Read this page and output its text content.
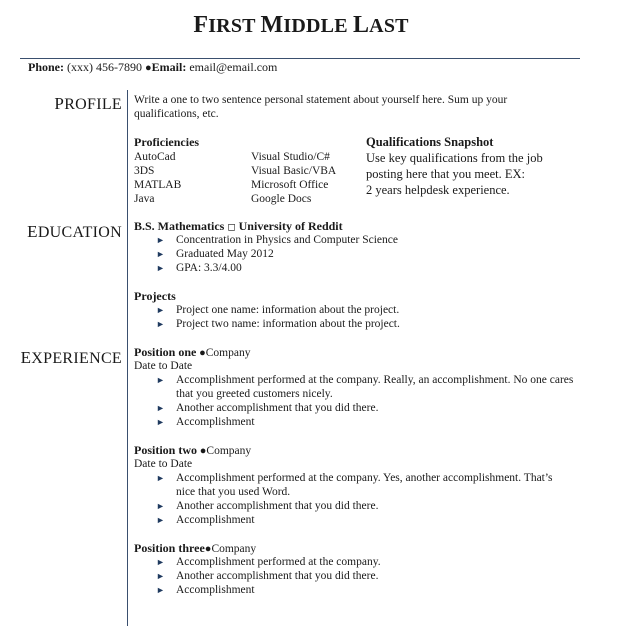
FIRST MIDDLE LAST
Phone: (xxx) 456-7890 ●Email: email@email.com
PROFILE Write a one to two sentence personal statement about yourself here. Sum up your qualifications, etc.
Proficiencies
AutoCad
3DS
MATLAB
Java
Visual Studio/C#
Visual Basic/VBA
Microsoft Office
Google Docs
Qualifications Snapshot
Use key qualifications from the job
posting here that you meet. EX:
2 years helpdesk experience.
EDUCATION B.S. Mathematics ◻ University of Reddit
► Concentration in Physics and Computer Science
► Graduated May 2012
► GPA: 3.3/4.00
Projects
► Project one name: information about the project.
► Project two name: information about the project.
EXPERIENCE Position one ●Company
Date to Date
► Accomplishment performed at the company. Really, an accomplishment. No one cares that you greeted customers nicely.
► Another accomplishment that you did there.
► Accomplishment
Position two ●Company
Date to Date
► Accomplishment performed at the company. Yes, another accomplishment. That’s nice that you used Word.
► Another accomplishment that you did there.
► Accomplishment
Position three●Company
► Accomplishment performed at the company.
► Another accomplishment that you did there.
► Accomplishment
